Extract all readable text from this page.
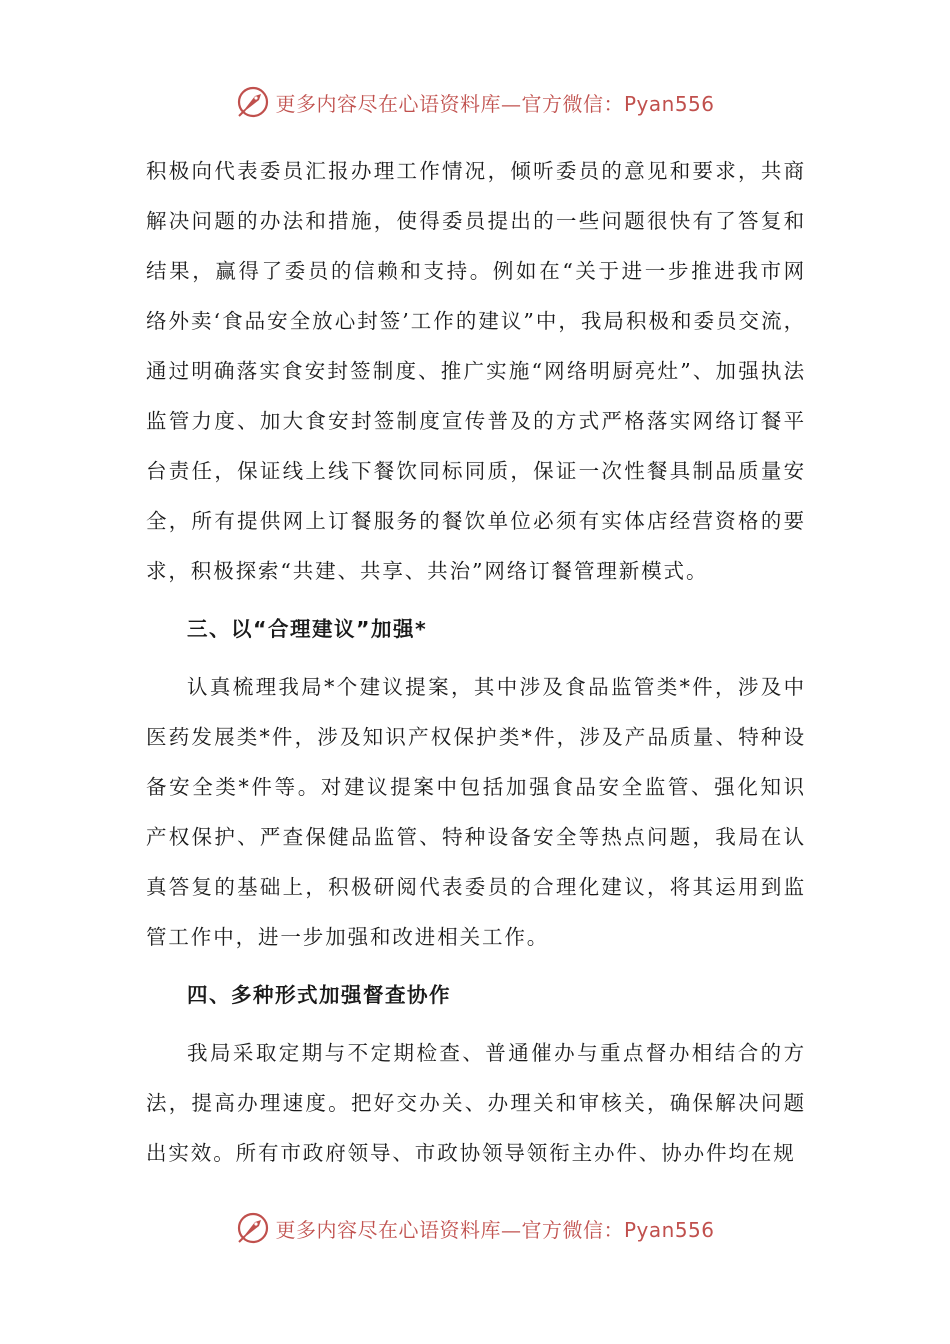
更多内容尽在心语资料库—官方微信：Pyan556

积极向代表委员汇报办理工作情况，倾听委员的意见和要求，共商解决问题的办法和措施，使得委员提出的一些问题很快有了答复和结果，赢得了委员的信赖和支持。例如在“关于进一步推进我市网络外卖‘食品安全放心封签’工作的建议”中，我局积极和委员交流，通过明确落实食安封签制度、推广实施“网络明厨亮灶”、加强执法监管力度、加大食安封签制度宣传普及的方式严格落实网络订餐平台责任，保证线上线下餐饮同标同质，保证一次性餐具制品质量安全，所有提供网上订餐服务的餐饮单位必须有实体店经营资格的要求，积极探索“共建、共享、共治”网络订餐管理新模式。

三、以“合理建议”加强*

认真梳理我局*个建议提案，其中涉及食品监管类*件，涉及中医药发展类*件，涉及知识产权保护类*件，涉及产品质量、特种设备安全类*件等。对建议提案中包括加强食品安全监管、强化知识产权保护、严查保健品监管、特种设备安全等热点问题，我局在认真答复的基础上，积极研阅代表委员的合理化建议，将其运用到监管工作中，进一步加强和改进相关工作。

四、多种形式加强督查协作

我局采取定期与不定期检查、普通催办与重点督办相结合的方法，提高办理速度。把好交办关、办理关和审核关，确保解决问题出实效。所有市政府领导、市政协领导领衔主办件、协办件均在规

更多内容尽在心语资料库—官方微信：Pyan556
